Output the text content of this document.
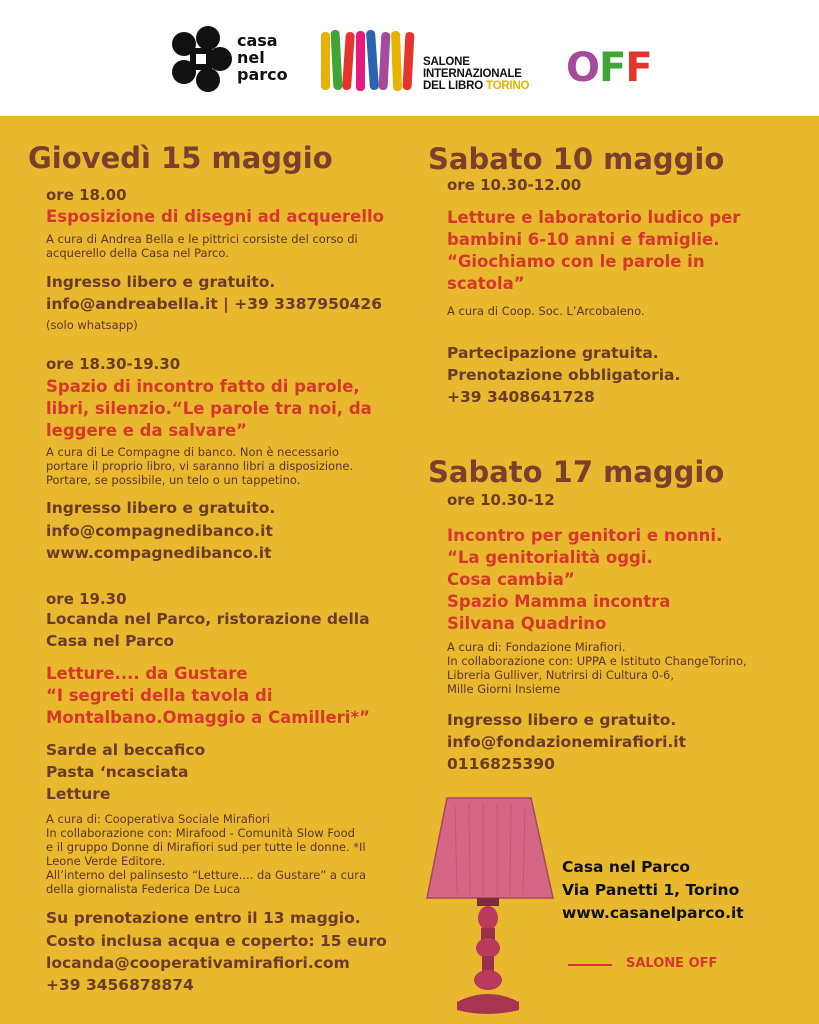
casa
nel
parco
SALONE
INTERNAZIONALE
DEL LIBRO TORINO OFF
Giovedì 15 maggio
ore 18.00
Esposizione di disegni ad acquerello
A cura di Andrea Bella e le pittrici corsiste del corso di
acquerello della Casa nel Parco.
Ingresso libero e gratuito.
info@andreabella.it | +39 3387950426
(solo whatsapp)
ore 18.30-19.30
Spazio di incontro fatto di parole,
libri, silenzio.“Le parole tra noi, da
leggere e da salvare”
A cura di Le Compagne di banco. Non è necessario
portare il proprio libro, vi saranno libri a disposizione.
Portare, se possibile, un telo o un tappetino.
Ingresso libero e gratuito.
info@compagnedibanco.it
www.compagnedibanco.it
ore 19.30
Locanda nel Parco, ristorazione della
Casa nel Parco
Letture.... da Gustare
“I segreti della tavola di
Montalbano.Omaggio a Camilleri*”
Sarde al beccafico
Pasta ‘ncasciata
Letture
A cura di: Cooperativa Sociale Mirafiori
In collaborazione con: Mirafood - Comunità Slow Food
e il gruppo Donne di Mirafiori sud per tutte le donne. *Il
Leone Verde Editore.
All’interno del palinsesto “Letture.... da Gustare” a cura
della giornalista Federica De Luca
Su prenotazione entro il 13 maggio.
Costo inclusa acqua e coperto: 15 euro
locanda@cooperativamirafiori.com
+39 3456878874
Sabato 10 maggio
ore 10.30-12.00
Letture e laboratorio ludico per
bambini 6-10 anni e famiglie.
“Giochiamo con le parole in
scatola”
A cura di Coop. Soc. L’Arcobaleno.
Partecipazione gratuita.
Prenotazione obbligatoria.
+39 3408641728
Sabato 17 maggio
ore 10.30-12
Incontro per genitori e nonni.
“La genitorialità oggi.
Cosa cambia”
Spazio Mamma incontra
Silvana Quadrino
A cura di: Fondazione Mirafiori.
In collaborazione con: UPPA e Istituto ChangeTorino,
Libreria Gulliver, Nutrirsi di Cultura 0-6,
Mille Giorni Insieme
Ingresso libero e gratuito.
info@fondazionemirafiori.it
0116825390
Casa nel Parco
Via Panetti 1, Torino
www.casanelparco.it
SALONE OFF
